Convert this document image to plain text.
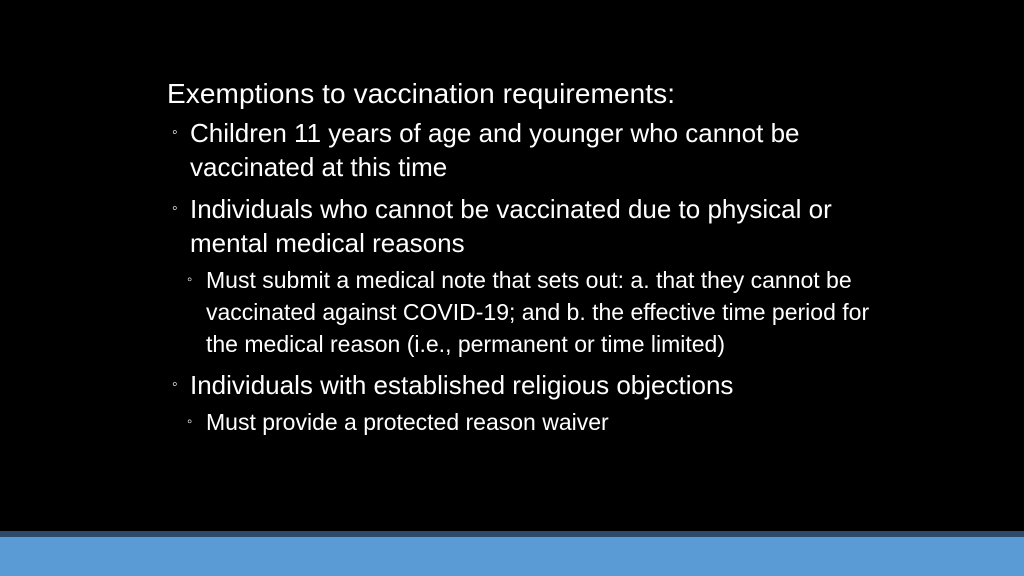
Exemptions to vaccination requirements:

◦ Children 11 years of age and younger who cannot be vaccinated at this time

◦ Individuals who cannot be vaccinated due to physical or mental medical reasons

◦ Must submit a medical note that sets out: a. that they cannot be vaccinated against COVID-19; and b. the effective time period for the medical reason (i.e., permanent or time limited)

◦ Individuals with established religious objections

◦ Must provide a protected reason waiver
